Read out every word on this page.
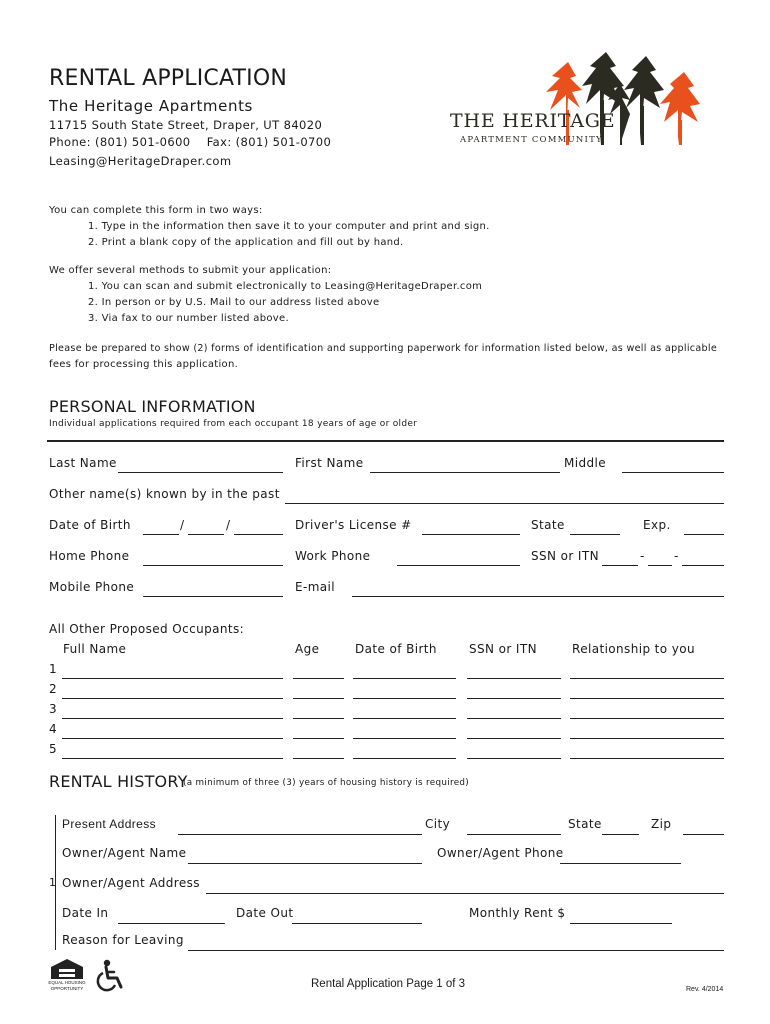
RENTAL APPLICATION
The Heritage Apartments
11715 South State Street, Draper, UT 84020
Phone: (801) 501-0600    Fax: (801) 501-0700
Leasing@HeritageDraper.com
THE HERITAGE
APARTMENT COMMUNITY
You can complete this form in two ways:
1. Type in the information then save it to your computer and print and sign.
2. Print a blank copy of the application and fill out by hand.
We offer several methods to submit your application:
1. You can scan and submit electronically to Leasing@HeritageDraper.com
2. In person or by U.S. Mail to our address listed above
3. Via fax to our number listed above.
Please be prepared to show (2) forms of identification and supporting paperwork for information listed below, as well as applicable
fees for processing this application.
PERSONAL INFORMATION
Individual applications required from each occupant 18 years of age or older
Last Name	First Name	Middle
Other name(s) known by in the past
Date of Birth	/	/	Driver's License #	State	Exp.
Home Phone	Work Phone	SSN or ITN	- -
Mobile Phone	E-mail
All Other Proposed Occupants:
Full Name	Age	Date of Birth	SSN or ITN	Relationship to you
1
2
3
4
5
RENTAL HISTORY
(a minimum of three (3) years of housing history is required)
1
Present Address	City	State	Zip
Owner/Agent Name	Owner/Agent Phone
Owner/Agent Address
Date In	Date Out	Monthly Rent $
Reason for Leaving
EQUAL HOUSING
OPPORTUNITY	Rental Application Page 1 of 3	Rev. 4/2014
